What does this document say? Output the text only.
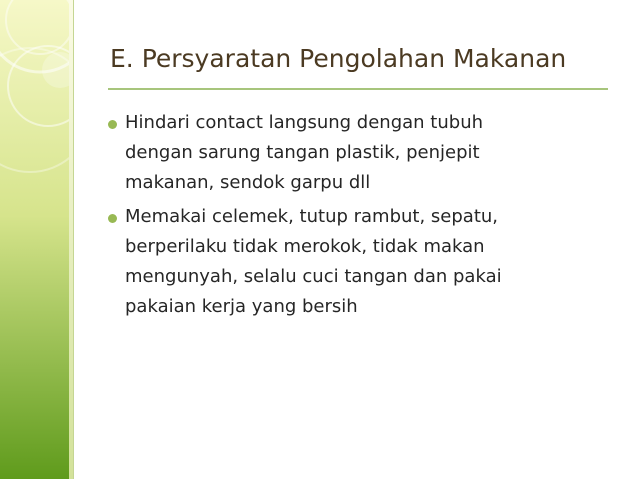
E. Persyaratan Pengolahan Makanan
Hindari contact langsung dengan tubuh
dengan sarung tangan plastik, penjepit
makanan, sendok garpu dll
Memakai celemek, tutup rambut, sepatu,
berperilaku tidak merokok, tidak makan
mengunyah, selalu cuci tangan dan pakai
pakaian kerja yang bersih
